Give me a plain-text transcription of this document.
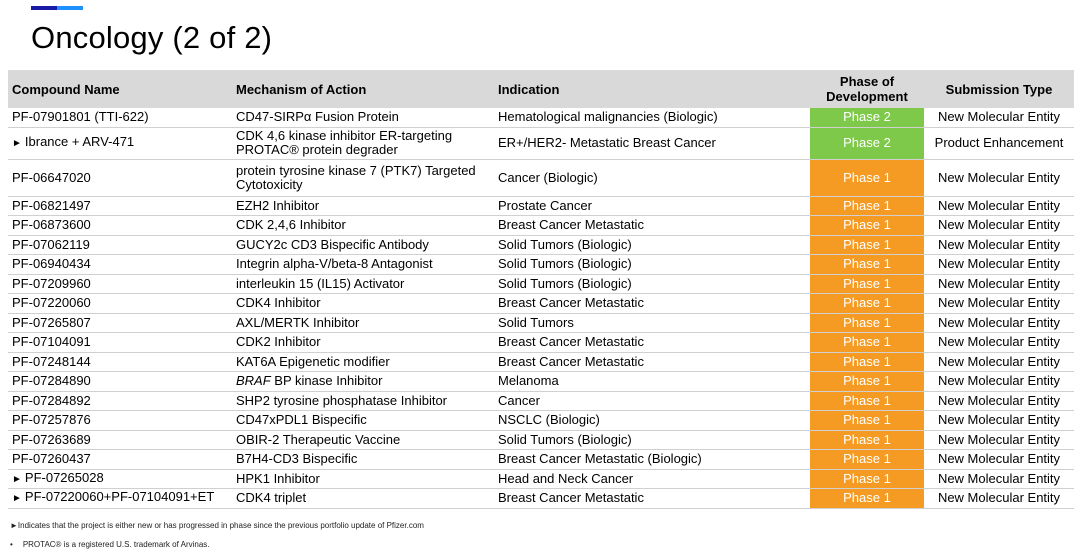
Oncology (2 of 2)
Compound Name	Mechanism of Action	Indication	Phase of Development	Submission Type
PF-07901801 (TTI-622)	CD47-SIRPα Fusion Protein	Hematological malignancies (Biologic)	Phase 2	New Molecular Entity
► Ibrance + ARV-471	CDK 4,6 kinase inhibitor ER-targeting PROTAC® protein degrader	ER+/HER2- Metastatic Breast Cancer	Phase 2	Product Enhancement
PF-06647020	protein tyrosine kinase 7 (PTK7) Targeted Cytotoxicity	Cancer (Biologic)	Phase 1	New Molecular Entity
PF-06821497	EZH2 Inhibitor	Prostate Cancer	Phase 1	New Molecular Entity
PF-06873600	CDK 2,4,6 Inhibitor	Breast Cancer Metastatic	Phase 1	New Molecular Entity
PF-07062119	GUCY2c CD3 Bispecific Antibody	Solid Tumors (Biologic)	Phase 1	New Molecular Entity
PF-06940434	Integrin alpha-V/beta-8 Antagonist	Solid Tumors (Biologic)	Phase 1	New Molecular Entity
PF-07209960	interleukin 15 (IL15) Activator	Solid Tumors (Biologic)	Phase 1	New Molecular Entity
PF-07220060	CDK4 Inhibitor	Breast Cancer Metastatic	Phase 1	New Molecular Entity
PF-07265807	AXL/MERTK Inhibitor	Solid Tumors	Phase 1	New Molecular Entity
PF-07104091	CDK2 Inhibitor	Breast Cancer Metastatic	Phase 1	New Molecular Entity
PF-07248144	KAT6A Epigenetic modifier	Breast Cancer Metastatic	Phase 1	New Molecular Entity
PF-07284890	BRAF BP kinase Inhibitor	Melanoma	Phase 1	New Molecular Entity
PF-07284892	SHP2 tyrosine phosphatase Inhibitor	Cancer	Phase 1	New Molecular Entity
PF-07257876	CD47xPDL1 Bispecific	NSCLC (Biologic)	Phase 1	New Molecular Entity
PF-07263689	OBIR-2 Therapeutic Vaccine	Solid Tumors (Biologic)	Phase 1	New Molecular Entity
PF-07260437	B7H4-CD3 Bispecific	Breast Cancer Metastatic (Biologic)	Phase 1	New Molecular Entity
► PF-07265028	HPK1 Inhibitor	Head and Neck Cancer	Phase 1	New Molecular Entity
► PF-07220060+PF-07104091+ET	CDK4 triplet	Breast Cancer Metastatic	Phase 1	New Molecular Entity
►Indicates that the project is either new or has progressed in phase since the previous portfolio update of Pfizer.com
• PROTAC® is a registered U.S. trademark of Arvinas.
